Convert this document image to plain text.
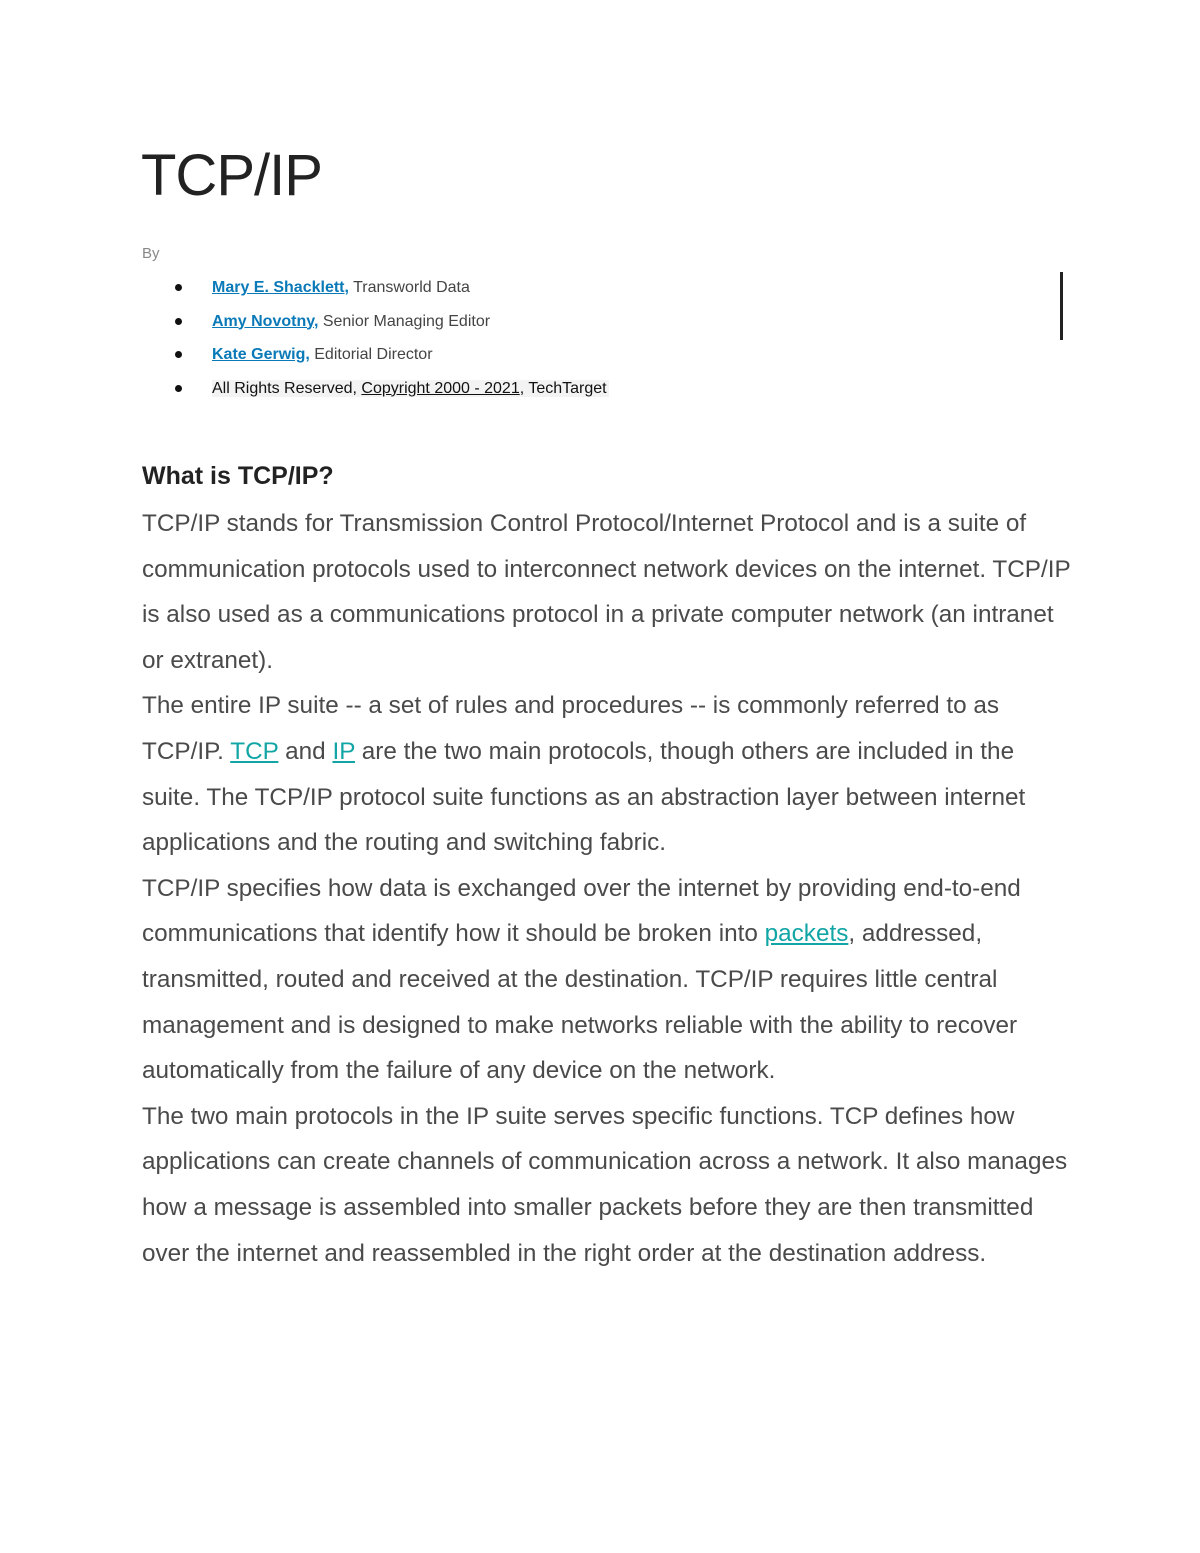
TCP/IP
By
Mary E. Shacklett, Transworld Data
Amy Novotny, Senior Managing Editor
Kate Gerwig, Editorial Director
All Rights Reserved, Copyright 2000 - 2021, TechTarget
What is TCP/IP?

TCP/IP stands for Transmission Control Protocol/Internet Protocol and is a suite of communication protocols used to interconnect network devices on the internet. TCP/IP is also used as a communications protocol in a private computer network (an intranet or extranet).

The entire IP suite -- a set of rules and procedures -- is commonly referred to as TCP/IP. TCP and IP are the two main protocols, though others are included in the suite. The TCP/IP protocol suite functions as an abstraction layer between internet applications and the routing and switching fabric.

TCP/IP specifies how data is exchanged over the internet by providing end-to-end communications that identify how it should be broken into packets, addressed, transmitted, routed and received at the destination. TCP/IP requires little central management and is designed to make networks reliable with the ability to recover automatically from the failure of any device on the network.

The two main protocols in the IP suite serves specific functions. TCP defines how applications can create channels of communication across a network. It also manages how a message is assembled into smaller packets before they are then transmitted over the internet and reassembled in the right order at the destination address.
